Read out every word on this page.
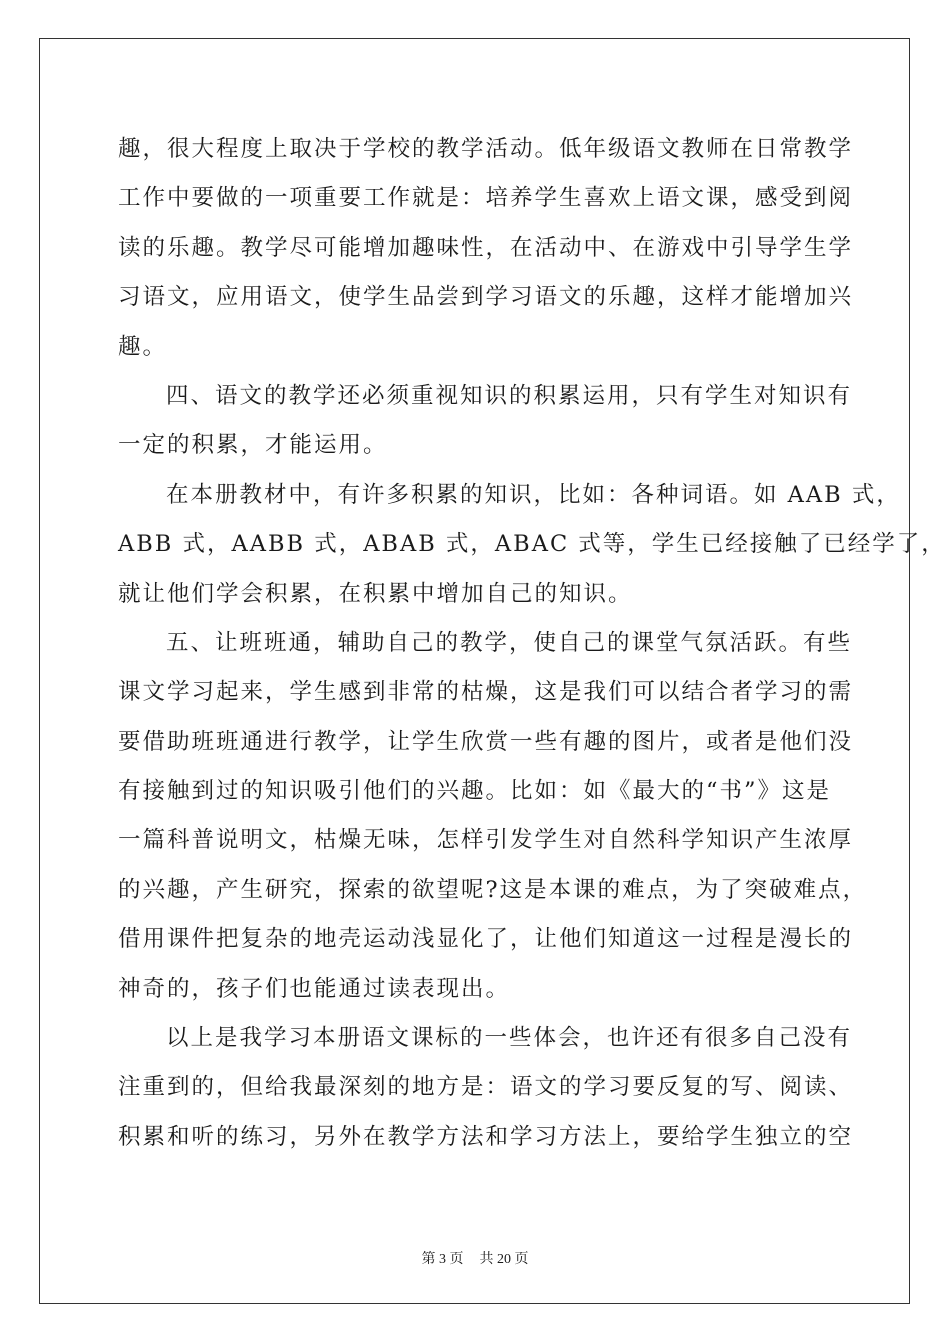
趣，很大程度上取决于学校的教学活动。低年级语文教师在日常教学
工作中要做的一项重要工作就是：培养学生喜欢上语文课，感受到阅
读的乐趣。教学尽可能增加趣味性，在活动中、在游戏中引导学生学
习语文，应用语文，使学生品尝到学习语文的乐趣，这样才能增加兴
趣。
四、语文的教学还必须重视知识的积累运用，只有学生对知识有
一定的积累，才能运用。
在本册教材中，有许多积累的知识，比如：各种词语。如 AAB 式，
ABB 式，AABB 式，ABAB 式，ABAC 式等，学生已经接触了已经学了，
就让他们学会积累，在积累中增加自己的知识。
五、让班班通，辅助自己的教学，使自己的课堂气氛活跃。有些
课文学习起来，学生感到非常的枯燥，这是我们可以结合者学习的需
要借助班班通进行教学，让学生欣赏一些有趣的图片，或者是他们没
有接触到过的知识吸引他们的兴趣。比如：如《最大的“书”》这是
一篇科普说明文，枯燥无味，怎样引发学生对自然科学知识产生浓厚
的兴趣，产生研究，探索的欲望呢?这是本课的难点，为了突破难点，
借用课件把复杂的地壳运动浅显化了，让他们知道这一过程是漫长的
神奇的，孩子们也能通过读表现出。
以上是我学习本册语文课标的一些体会，也许还有很多自己没有
注重到的，但给我最深刻的地方是：语文的学习要反复的写、阅读、
积累和听的练习，另外在教学方法和学习方法上，要给学生独立的空
第 3 页 共 20 页
